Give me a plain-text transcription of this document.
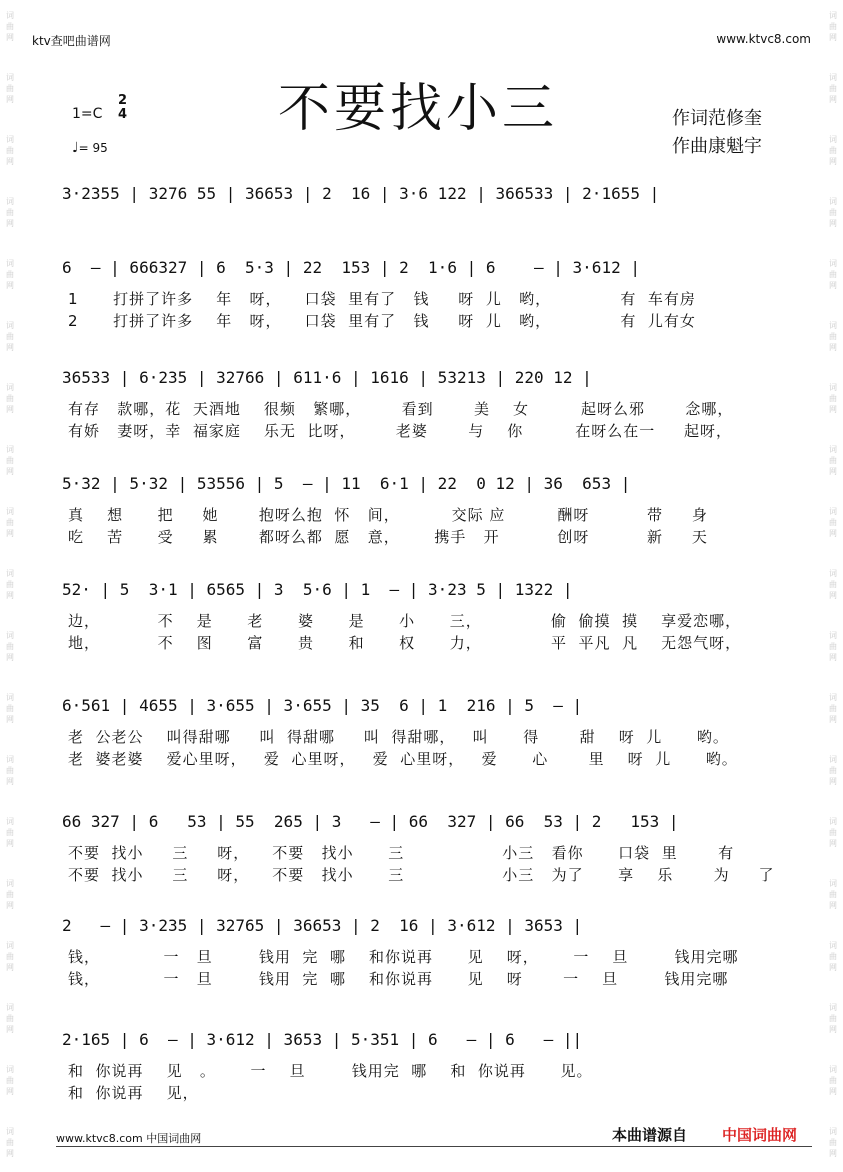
词曲网
词曲网
词曲网
词曲网
词曲网
词曲网
词曲网
词曲网
词曲网
词曲网
词曲网
词曲网
词曲网
词曲网
词曲网
词曲网
词曲网
词曲网
词曲网
词曲网
词曲网
词曲网
词曲网
词曲网
词曲网
词曲网
词曲网
词曲网
词曲网
词曲网
词曲网
词曲网
词曲网
词曲网
词曲网
词曲网
词曲网
词曲网
ktv查吧曲谱网	www.ktvc8.com
不要找小三
1=C
2
4
♩= 95
作词范修奎
作曲康魁宇
3·2355 | 3276 55 | 36653 | 2  16 | 3·6 122 | 366533 | 2·1655 |
6  — | 666327 | 6  5·3 | 22  153 | 2  1·6 | 6    — | 3·612 |
1      打拼了许多    年   呀，    口袋  里有了   钱     呀  儿   哟，            有  车有房
2      打拼了许多    年   呀，    口袋  里有了   钱     呀  儿   哟，            有  儿有女
36533 | 6·235 | 32766 | 611·6 | 1616 | 53213 | 220 12 |
有存   款哪，花  天酒地    很频   繁哪，       看到       美    女         起呀么邪       念哪，
有娇   妻呀，幸  福家庭    乐无  比呀，       老婆       与    你         在呀么在一     起呀，
5·32 | 5·32 | 53556 | 5  — | 11  6·1 | 22  0 12 | 36  653 |
真    想      把     她       抱呀么抱  怀   间，         交际 应         酬呀          带     身
吃    苦      受     累       都呀么都  愿   意，      携手   开          创呀          新     天
52· | 5  3·1 | 6565 | 3  5·6 | 1  — | 3·23 5 | 1322 |
边，          不    是      老      婆      是      小      三，            偷  偷摸  摸    享爱恋哪，
地，          不    图      富      贵      和      权      力，            平  平凡  凡    无怨气呀，
6·561 | 4655 | 3·655 | 3·655 | 35  6 | 1  216 | 5  — |
老  公老公    叫得甜哪     叫  得甜哪     叫  得甜哪，   叫      得       甜    呀  儿      哟。
老  婆老婆    爱心里呀，   爱  心里呀，   爱  心里呀，   爱      心       里    呀  儿      哟。
66 327 | 6   53 | 55  265 | 3   — | 66  327 | 66  53 | 2   153 |
不要  找小     三     呀，    不要   找小      三                 小三   看你      口袋  里       有
不要  找小     三     呀，    不要   找小      三                 小三   为了      享    乐       为     了
2   — | 3·235 | 32765 | 36653 | 2  16 | 3·612 | 3653 |
钱，           一   旦        钱用  完  哪    和你说再      见    呀，      一    旦        钱用完哪
钱，           一   旦        钱用  完  哪    和你说再      见    呀       一    旦        钱用完哪
2·165 | 6  — | 3·612 | 3653 | 5·351 | 6   — | 6   — ||
和  你说再    见   。      一    旦        钱用完  哪    和  你说再      见。
和  你说再    见，
www.ktvc8.com 中国词曲网	本曲谱源自 中国词曲网
